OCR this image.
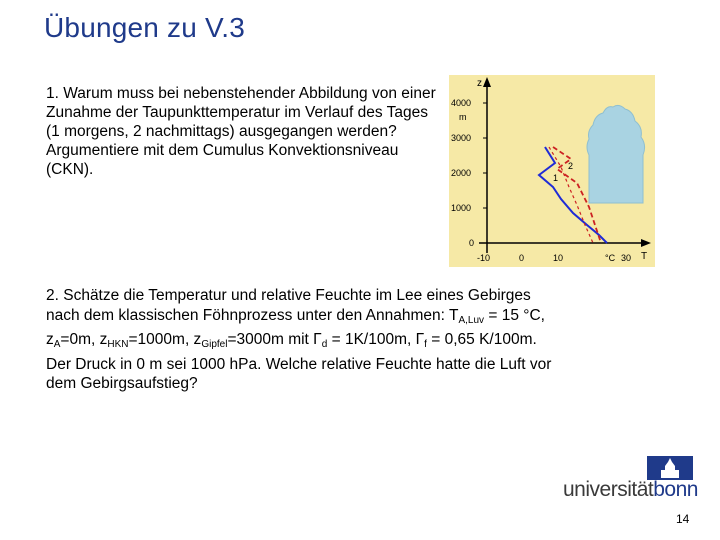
Übungen zu V.3
1. Warum muss bei nebenstehender Abbildung von einer Zunahme der Taupunkttemperatur im Verlauf des Tages (1 morgens, 2 nachmittags) ausgegangen werden? Argumentiere mit dem Cumulus Konvektionsniveau (CKN).
z
m
4000
3000
2000
1000
0
-10	0	10	°C 30 T
2
1
2. Schätze die Temperatur und relative Feuchte im Lee eines Gebirges nach dem klassischen Föhnprozess unter den Annahmen: $T_{A,Luv} = 15$ °C, $z_A=0m$, $z_{HKN}=1000m$, $z_{Gipfel}=3000m$ mit $\Gamma_d = 1K/100m$, $\Gamma_f = 0,65$ K/100m. Der Druck in 0 m sei 1000 hPa. Welche relative Feuchte hatte die Luft vor dem Gebirgsaufstieg?
universitätbonn
14
